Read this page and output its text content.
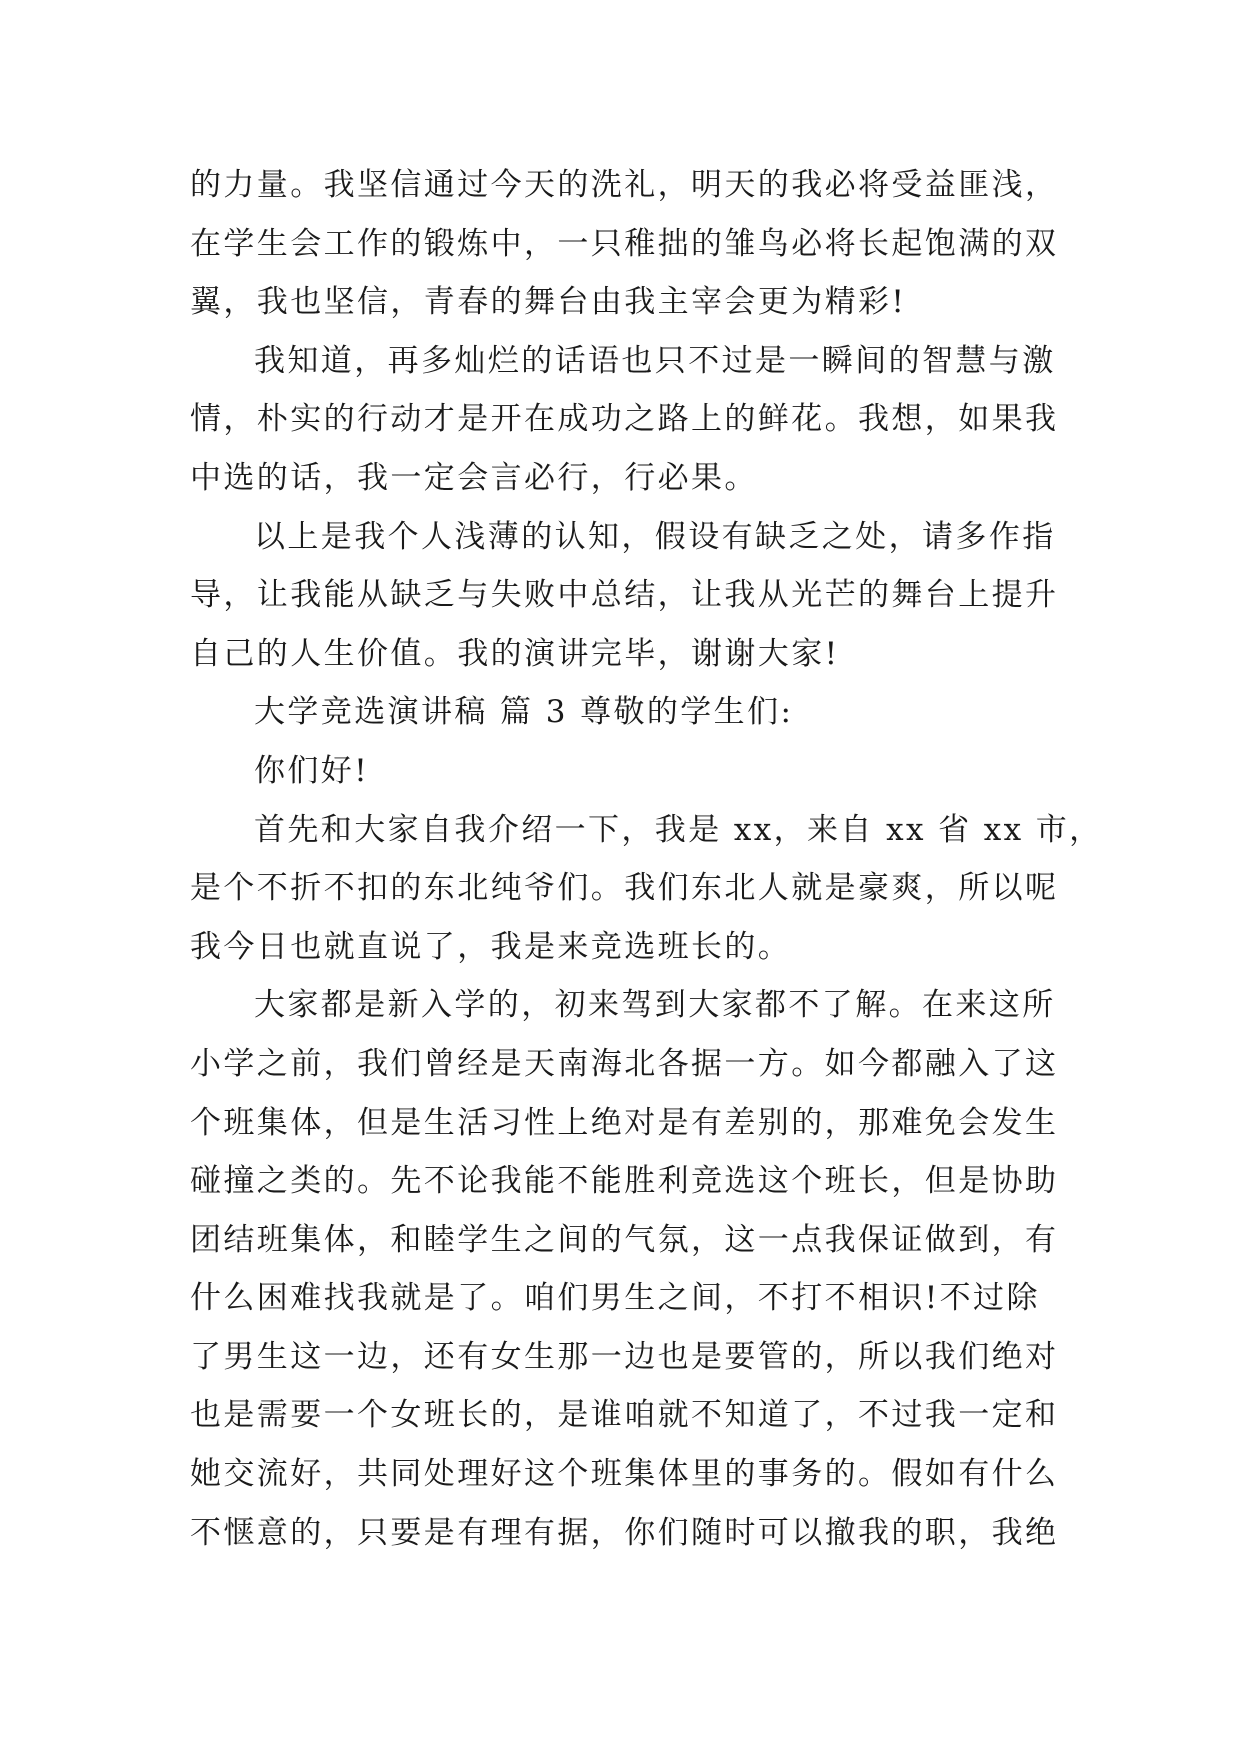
的力量。我坚信通过今天的洗礼，明天的我必将受益匪浅，
在学生会工作的锻炼中，一只稚拙的雏鸟必将长起饱满的双
翼，我也坚信，青春的舞台由我主宰会更为精彩!
我知道，再多灿烂的话语也只不过是一瞬间的智慧与激
情，朴实的行动才是开在成功之路上的鲜花。我想，如果我
中选的话，我一定会言必行，行必果。
以上是我个人浅薄的认知，假设有缺乏之处，请多作指
导，让我能从缺乏与失败中总结，让我从光芒的舞台上提升
自己的人生价值。我的演讲完毕，谢谢大家!
大学竞选演讲稿 篇 3 尊敬的学生们:
你们好!
首先和大家自我介绍一下，我是 xx，来自 xx 省 xx 市，
是个不折不扣的东北纯爷们。我们东北人就是豪爽，所以呢
我今日也就直说了，我是来竞选班长的。
大家都是新入学的，初来驾到大家都不了解。在来这所
小学之前，我们曾经是天南海北各据一方。如今都融入了这
个班集体，但是生活习性上绝对是有差别的，那难免会发生
碰撞之类的。先不论我能不能胜利竞选这个班长，但是协助
团结班集体，和睦学生之间的气氛，这一点我保证做到，有
什么困难找我就是了。咱们男生之间，不打不相识!不过除
了男生这一边，还有女生那一边也是要管的，所以我们绝对
也是需要一个女班长的，是谁咱就不知道了，不过我一定和
她交流好，共同处理好这个班集体里的事务的。假如有什么
不惬意的，只要是有理有据，你们随时可以撤我的职，我绝
